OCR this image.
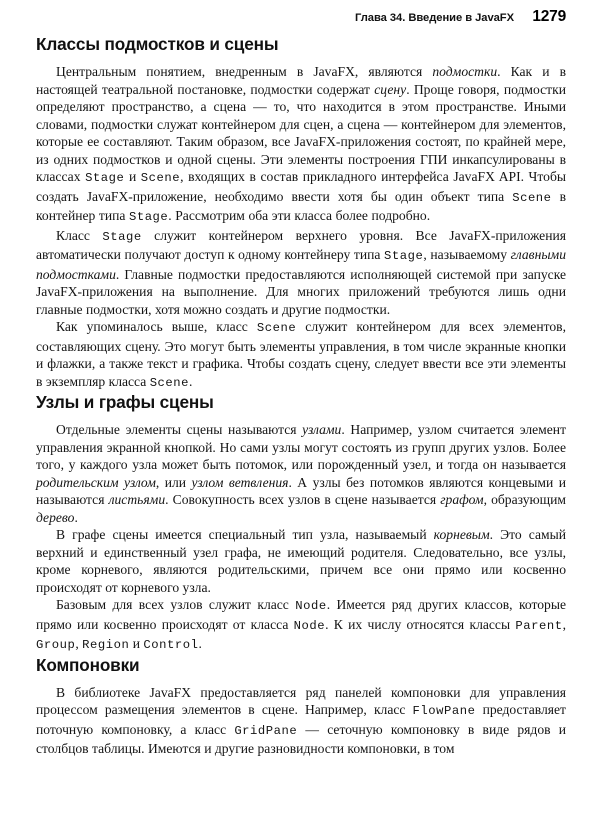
Глава 34. Введение в JavaFX 1279
Классы подмостков и сцены

Центральным понятием, внедренным в JavaFX, являются подмостки. Как и в настоящей театральной постановке, подмостки содержат сцену. Проще говоря, подмостки определяют пространство, а сцена — то, что находится в этом пространстве. Иными словами, подмостки служат контейнером для сцен, а сцена — контейнером для элементов, которые ее составляют. Таким образом, все JavaFX-приложения состоят, по крайней мере, из одних подмостков и одной сцены. Эти элементы построения ГПИ инкапсулированы в классах Stage и Scene, входящих в состав прикладного интерфейса JavaFX API. Чтобы создать JavaFX-приложение, необходимо ввести хотя бы один объект типа Scene в контейнер типа Stage. Рассмотрим оба эти класса более подробно.

Класс Stage служит контейнером верхнего уровня. Все JavaFX-приложения автоматически получают доступ к одному контейнеру типа Stage, называемому главными подмостками. Главные подмостки предоставляются исполняющей системой при запуске JavaFX-приложения на выполнение. Для многих приложений требуются лишь одни главные подмостки, хотя можно создать и другие подмостки.

Как упоминалось выше, класс Scene служит контейнером для всех элементов, составляющих сцену. Это могут быть элементы управления, в том числе экранные кнопки и флажки, а также текст и графика. Чтобы создать сцену, следует ввести все эти элементы в экземпляр класса Scene.

Узлы и графы сцены

Отдельные элементы сцены называются узлами. Например, узлом считается элемент управления экранной кнопкой. Но сами узлы могут состоять из групп других узлов. Более того, у каждого узла может быть потомок, или порожденный узел, и тогда он называется родительским узлом, или узлом ветвления. А узлы без потомков являются концевыми и называются листьями. Совокупность всех узлов в сцене называется графом, образующим дерево.

В графе сцены имеется специальный тип узла, называемый корневым. Это самый верхний и единственный узел графа, не имеющий родителя. Следовательно, все узлы, кроме корневого, являются родительскими, причем все они прямо или косвенно происходят от корневого узла.

Базовым для всех узлов служит класс Node. Имеется ряд других классов, которые прямо или косвенно происходят от класса Node. К их числу относятся классы Parent, Group, Region и Control.

Компоновки

В библиотеке JavaFX предоставляется ряд панелей компоновки для управления процессом размещения элементов в сцене. Например, класс FlowPane предоставляет поточную компоновку, а класс GridPane — сеточную компоновку в виде рядов и столбцов таблицы. Имеются и другие разновидности компоновки, в том
